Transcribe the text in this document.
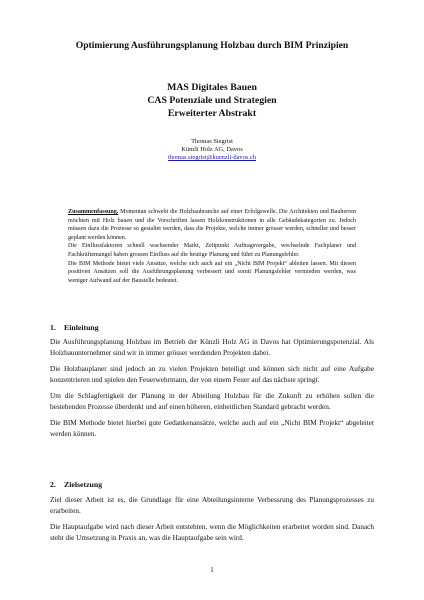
Optimierung Ausführungsplanung Holzbau durch BIM Prinzipien
MAS Digitales Bauen
CAS Potenziale und Strategien
Erweiterter Abstrakt
Thomas Siegrist
Künzli Holz AG, Davos
thomas.siegrist@kuenzli-davos.ch

Zusammenfassung. Momentan schwebt die Holzbaubranche auf einer Erfolgswelle. Die Architekten und Bauherren möchten mit Holz bauen und die Vorschriften lassen Holzkonstruktionen in alle Gebäudekategorien zu. Jedoch müssen dazu die Prozesse so gestaltet werden, dass die Projekte, welche immer grösser werden, schneller und besser geplant werden können.

Die Einflussfaktoren schnell wachsender Markt, Zeitpunkt Auftragsvergabe, wechselnde Fachplaner und Fachkräftemangel haben grossen Einfluss auf die heutige Planung und führt zu Planungsfehler.

Die BIM Methode bietet viele Ansätze, welche sich auch auf ein „Nicht BIM Projekt“ ableiten lassen. Mit diesen positiven Ansätzen soll die Ausführungsplanung verbessert und somit Planungsfehler vermieden werden, was weniger Aufwand auf der Baustelle bedeutet.

1. Einleitung

Die Ausführungsplanung Holzbau im Betrieb der Künzli Holz AG in Davos hat Optimierungspotenzial. Als Holzbauunternehmer sind wir in immer grösser werdenden Projekten dabei.

Die Holzbauplaner sind jedoch an zu vielen Projekten beteiligt und können sich nicht auf eine Aufgabe konzentrieren und spielen den Feuerwehrmann, der von einem Feuer auf das nächste springt.

Um die Schlagfertigkeit der Planung in der Abteilung Holzbau für die Zukunft zu erhöhen sollen die bestehenden Prozesse überdenkt und auf einen höheren, einheitlichen Standard gebracht werden.

Die BIM Methode bietet hierbei gute Gedankenansätze, welche auch auf ein „Nicht BIM Projekt“ abgeleitet werden können.

2. Zielsetzung

Ziel dieser Arbeit ist es, die Grundlage für eine Abteilungsinterne Verbessrung des Planungsprozesses zu erarbeiten.

Die Hauptaufgabe wird nach dieser Arbeit entstehten, wenn die Möglichkeiten erarbeitet worden sind. Danach steht die Umsetzung in Praxis an, was die Hauptaufgabe sein wird.

1
